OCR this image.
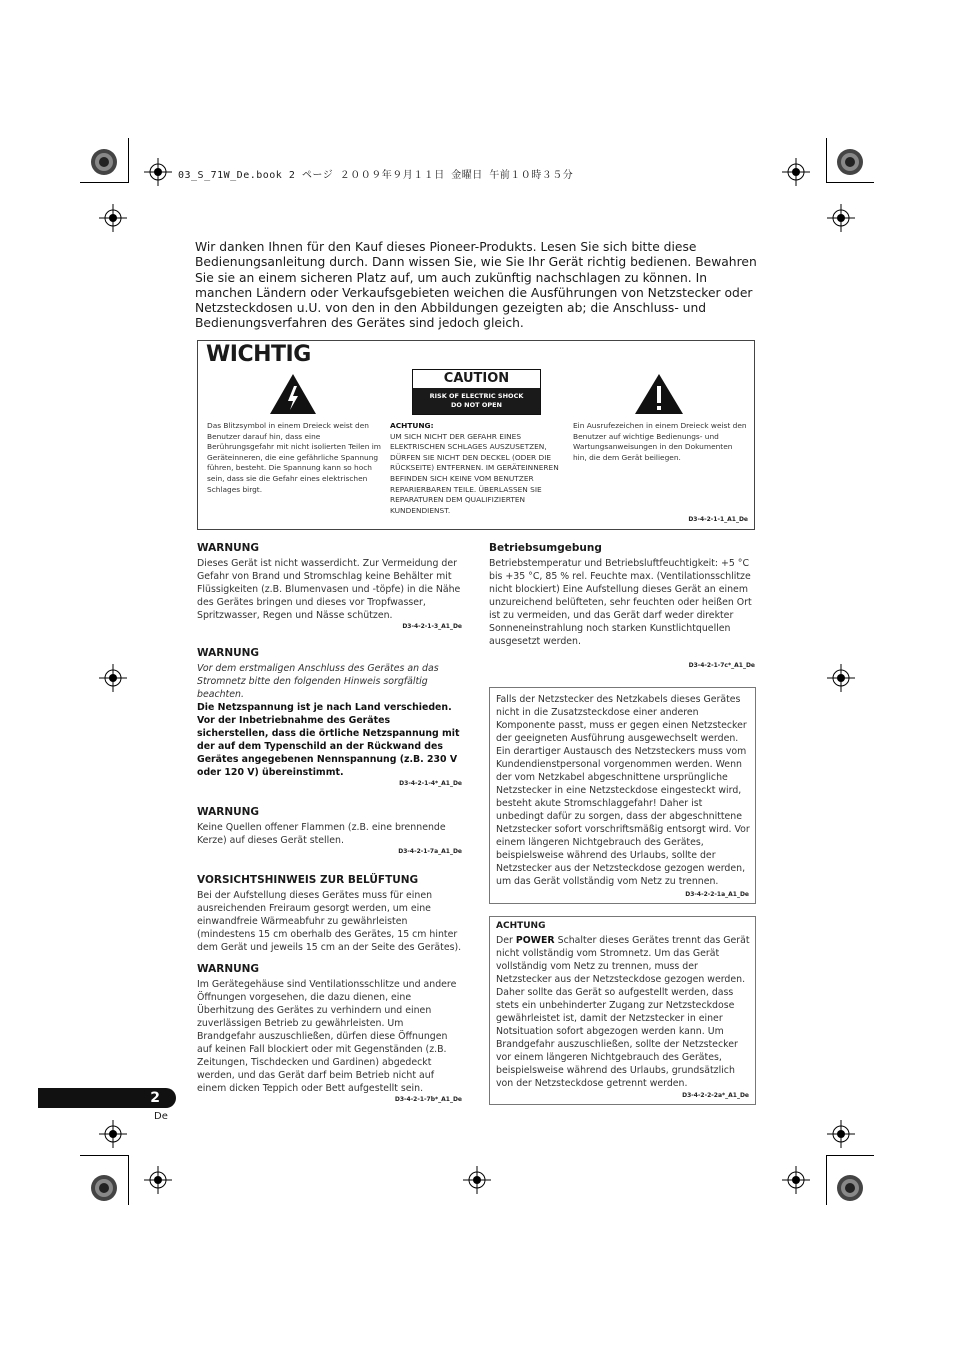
03_S_71W_De.book 2 ページ ２００９年９月１１日 金曜日 午前１０時３５分
Wir danken Ihnen für den Kauf dieses Pioneer-Produkts. Lesen Sie sich bitte diese Bedienungsanleitung durch. Dann wissen Sie, wie Sie Ihr Gerät richtig bedienen. Bewahren Sie sie an einem sicheren Platz auf, um auch zukünftig nachschlagen zu können. In manchen Ländern oder Verkaufsgebieten weichen die Ausführungen von Netzstecker oder Netzsteckdosen u.U. von den in den Abbildungen gezeigten ab; die Anschluss- und Bedienungsverfahren des Gerätes sind jedoch gleich.
WICHTIG
CAUTION
RISK OF ELECTRIC SHOCK
DO NOT OPEN
Das Blitzsymbol in einem Dreieck weist den Benutzer darauf hin, dass eine Berührungsgefahr mit nicht isolierten Teilen im Geräteinneren, die eine gefährliche Spannung führen, besteht. Die Spannung kann so hoch sein, dass sie die Gefahr eines elektrischen Schlages birgt.
ACHTUNG:
UM SICH NICHT DER GEFAHR EINES ELEKTRISCHEN SCHLAGES AUSZUSETZEN, DÜRFEN SIE NICHT DEN DECKEL (ODER DIE RÜCKSEITE) ENTFERNEN. IM GERÄTEINNEREN BEFINDEN SICH KEINE VOM BENUTZER REPARIERBAREN TEILE. ÜBERLASSEN SIE REPARATUREN DEM QUALIFIZIERTEN KUNDENDIENST.
Ein Ausrufezeichen in einem Dreieck weist den Benutzer auf wichtige Bedienungs- und Wartungsanweisungen in den Dokumenten hin, die dem Gerät beiliegen.
D3-4-2-1-1_A1_De
WARNUNG
Dieses Gerät ist nicht wasserdicht. Zur Vermeidung der Gefahr von Brand und Stromschlag keine Behälter mit Flüssigkeiten (z.B. Blumenvasen und -töpfe) in die Nähe des Gerätes bringen und dieses vor Tropfwasser, Spritzwasser, Regen und Nässe schützen.
D3-4-2-1-3_A1_De
WARNUNG
Vor dem erstmaligen Anschluss des Gerätes an das Stromnetz bitte den folgenden Hinweis sorgfältig beachten.
Die Netzspannung ist je nach Land verschieden. Vor der Inbetriebnahme des Gerätes sicherstellen, dass die örtliche Netzspannung mit der auf dem Typenschild an der Rückwand des Gerätes angegebenen Nennspannung (z.B. 230 V oder 120 V) übereinstimmt.
D3-4-2-1-4*_A1_De
WARNUNG
Keine Quellen offener Flammen (z.B. eine brennende Kerze) auf dieses Gerät stellen.
D3-4-2-1-7a_A1_De
VORSICHTSHINWEIS ZUR BELÜFTUNG
Bei der Aufstellung dieses Gerätes muss für einen ausreichenden Freiraum gesorgt werden, um eine einwandfreie Wärmeabfuhr zu gewährleisten (mindestens 15 cm oberhalb des Gerätes, 15 cm hinter dem Gerät und jeweils 15 cm an der Seite des Gerätes).
WARNUNG
Im Gerätegehäuse sind Ventilationsschlitze und andere Öffnungen vorgesehen, die dazu dienen, eine Überhitzung des Gerätes zu verhindern und einen zuverlässigen Betrieb zu gewährleisten. Um Brandgefahr auszuschließen, dürfen diese Öffnungen auf keinen Fall blockiert oder mit Gegenständen (z.B. Zeitungen, Tischdecken und Gardinen) abgedeckt werden, und das Gerät darf beim Betrieb nicht auf einem dicken Teppich oder Bett aufgestellt sein.
D3-4-2-1-7b*_A1_De
Betriebsumgebung
Betriebstemperatur und Betriebsluftfeuchtigkeit: +5 °C bis +35 °C, 85 % rel. Feuchte max. (Ventilationsschlitze nicht blockiert) Eine Aufstellung dieses Gerät an einem unzureichend belüfteten, sehr feuchten oder heißen Ort ist zu vermeiden, und das Gerät darf weder direkter Sonneneinstrahlung noch starken Kunstlichtquellen ausgesetzt werden.
D3-4-2-1-7c*_A1_De
Falls der Netzstecker des Netzkabels dieses Gerätes nicht in die Zusatzsteckdose einer anderen Komponente passt, muss er gegen einen Netzstecker der geeigneten Ausführung ausgewechselt werden. Ein derartiger Austausch des Netzsteckers muss vom Kundendienstpersonal vorgenommen werden. Wenn der vom Netzkabel abgeschnittene ursprüngliche Netzstecker in eine Netzsteckdose eingesteckt wird, besteht akute Stromschlaggefahr! Daher ist unbedingt dafür zu sorgen, dass der abgeschnittene Netzstecker sofort vorschriftsmäßig entsorgt wird. Vor einem längeren Nichtgebrauch des Gerätes, beispielsweise während des Urlaubs, sollte der Netzstecker aus der Netzsteckdose gezogen werden, um das Gerät vollständig vom Netz zu trennen.
D3-4-2-2-1a_A1_De
ACHTUNG
Der POWER Schalter dieses Gerätes trennt das Gerät nicht vollständig vom Stromnetz. Um das Gerät vollständig vom Netz zu trennen, muss der Netzstecker aus der Netzsteckdose gezogen werden. Daher sollte das Gerät so aufgestellt werden, dass stets ein unbehinderter Zugang zur Netzsteckdose gewährleistet ist, damit der Netzstecker in einer Notsituation sofort abgezogen werden kann. Um Brandgefahr auszuschließen, sollte der Netzstecker vor einem längeren Nichtgebrauch des Gerätes, beispielsweise während des Urlaubs, grundsätzlich von der Netzsteckdose getrennt werden.
D3-4-2-2-2a*_A1_De
2
De
